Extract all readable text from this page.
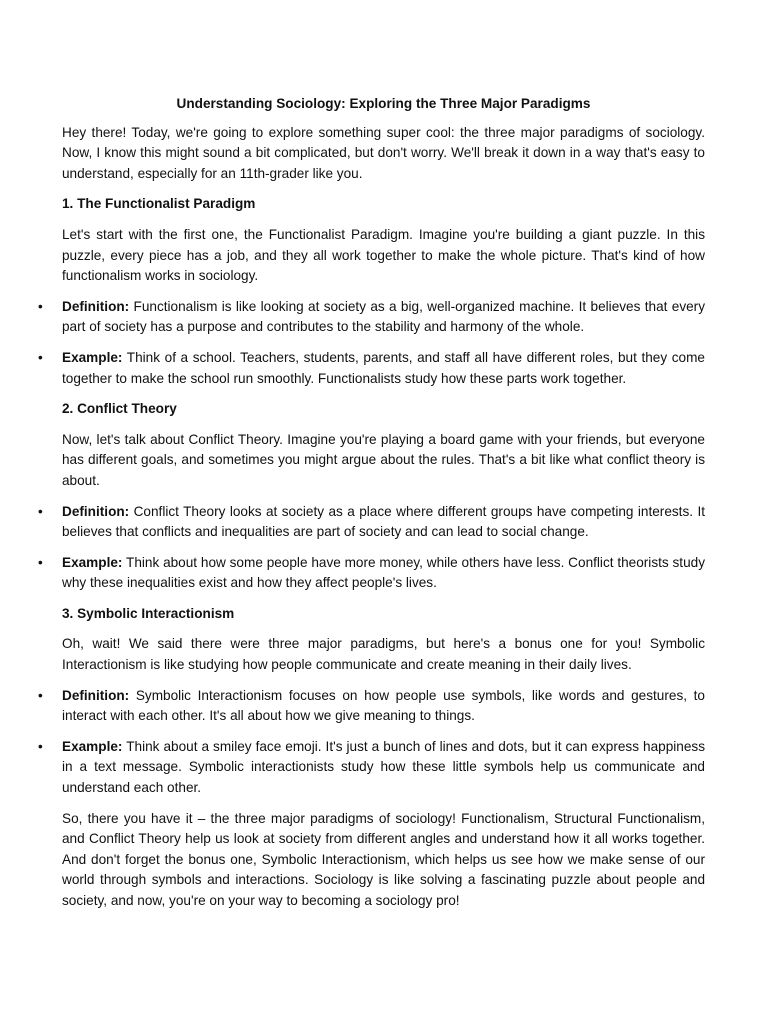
Understanding Sociology: Exploring the Three Major Paradigms

Hey there! Today, we're going to explore something super cool: the three major paradigms of sociology. Now, I know this might sound a bit complicated, but don't worry. We'll break it down in a way that's easy to understand, especially for an 11th-grader like you.

1. The Functionalist Paradigm

Let's start with the first one, the Functionalist Paradigm. Imagine you're building a giant puzzle. In this puzzle, every piece has a job, and they all work together to make the whole picture. That's kind of how functionalism works in sociology.

• Definition: Functionalism is like looking at society as a big, well-organized machine. It believes that every part of society has a purpose and contributes to the stability and harmony of the whole.
• Example: Think of a school. Teachers, students, parents, and staff all have different roles, but they come together to make the school run smoothly. Functionalists study how these parts work together.
2. Conflict Theory

Now, let's talk about Conflict Theory. Imagine you're playing a board game with your friends, but everyone has different goals, and sometimes you might argue about the rules. That's a bit like what conflict theory is about.

• Definition: Conflict Theory looks at society as a place where different groups have competing interests. It believes that conflicts and inequalities are part of society and can lead to social change.
• Example: Think about how some people have more money, while others have less. Conflict theorists study why these inequalities exist and how they affect people's lives.
3. Symbolic Interactionism

Oh, wait! We said there were three major paradigms, but here's a bonus one for you! Symbolic Interactionism is like studying how people communicate and create meaning in their daily lives.

• Definition: Symbolic Interactionism focuses on how people use symbols, like words and gestures, to interact with each other. It's all about how we give meaning to things.
• Example: Think about a smiley face emoji. It's just a bunch of lines and dots, but it can express happiness in a text message. Symbolic interactionists study how these little symbols help us communicate and understand each other.

So, there you have it – the three major paradigms of sociology! Functionalism, Structural Functionalism, and Conflict Theory help us look at society from different angles and understand how it all works together. And don't forget the bonus one, Symbolic Interactionism, which helps us see how we make sense of our world through symbols and interactions. Sociology is like solving a fascinating puzzle about people and society, and now, you're on your way to becoming a sociology pro!
